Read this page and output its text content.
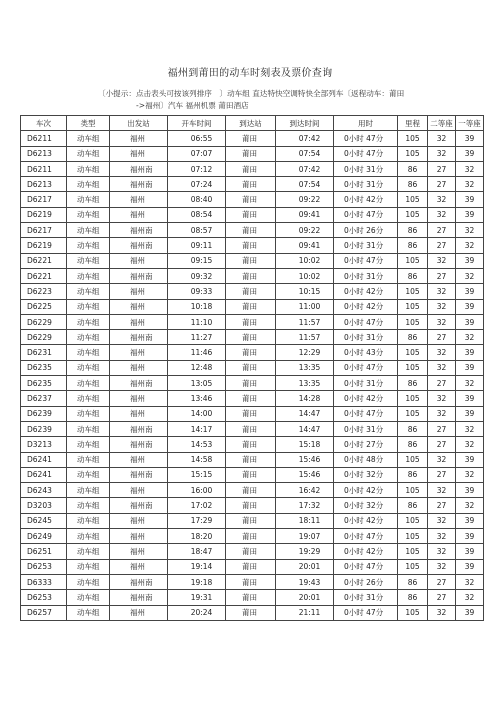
福州到莆田的动车时刻表及票价查询
〔小提示：点击表头可按该列排序　〕动车组 直达特快空调特快全部列车〔返程动车：莆田
->福州〕汽车 福州机票 莆田酒店
车次	类型	出发站	开车时间	到达站	到达时间	用时	里程	二等座	一等座
D6211	动车组	福州	06:55	莆田	07:42	0小时 47分	105	32	39
D6213	动车组	福州	07:07	莆田	07:54	0小时 47分	105	32	39
D6211	动车组	福州南	07:12	莆田	07:42	0小时 31分	86	27	32
D6213	动车组	福州南	07:24	莆田	07:54	0小时 31分	86	27	32
D6217	动车组	福州	08:40	莆田	09:22	0小时 42分	105	32	39
D6219	动车组	福州	08:54	莆田	09:41	0小时 47分	105	32	39
D6217	动车组	福州南	08:57	莆田	09:22	0小时 26分	86	27	32
D6219	动车组	福州南	09:11	莆田	09:41	0小时 31分	86	27	32
D6221	动车组	福州	09:15	莆田	10:02	0小时 47分	105	32	39
D6221	动车组	福州南	09:32	莆田	10:02	0小时 31分	86	27	32
D6223	动车组	福州	09:33	莆田	10:15	0小时 42分	105	32	39
D6225	动车组	福州	10:18	莆田	11:00	0小时 42分	105	32	39
D6229	动车组	福州	11:10	莆田	11:57	0小时 47分	105	32	39
D6229	动车组	福州南	11:27	莆田	11:57	0小时 31分	86	27	32
D6231	动车组	福州	11:46	莆田	12:29	0小时 43分	105	32	39
D6235	动车组	福州	12:48	莆田	13:35	0小时 47分	105	32	39
D6235	动车组	福州南	13:05	莆田	13:35	0小时 31分	86	27	32
D6237	动车组	福州	13:46	莆田	14:28	0小时 42分	105	32	39
D6239	动车组	福州	14:00	莆田	14:47	0小时 47分	105	32	39
D6239	动车组	福州南	14:17	莆田	14:47	0小时 31分	86	27	32
D3213	动车组	福州南	14:53	莆田	15:18	0小时 27分	86	27	32
D6241	动车组	福州	14:58	莆田	15:46	0小时 48分	105	32	39
D6241	动车组	福州南	15:15	莆田	15:46	0小时 32分	86	27	32
D6243	动车组	福州	16:00	莆田	16:42	0小时 42分	105	32	39
D3203	动车组	福州南	17:02	莆田	17:32	0小时 32分	86	27	32
D6245	动车组	福州	17:29	莆田	18:11	0小时 42分	105	32	39
D6249	动车组	福州	18:20	莆田	19:07	0小时 47分	105	32	39
D6251	动车组	福州	18:47	莆田	19:29	0小时 42分	105	32	39
D6253	动车组	福州	19:14	莆田	20:01	0小时 47分	105	32	39
D6333	动车组	福州南	19:18	莆田	19:43	0小时 26分	86	27	32
D6253	动车组	福州南	19:31	莆田	20:01	0小时 31分	86	27	32
D6257	动车组	福州	20:24	莆田	21:11	0小时 47分	105	32	39
